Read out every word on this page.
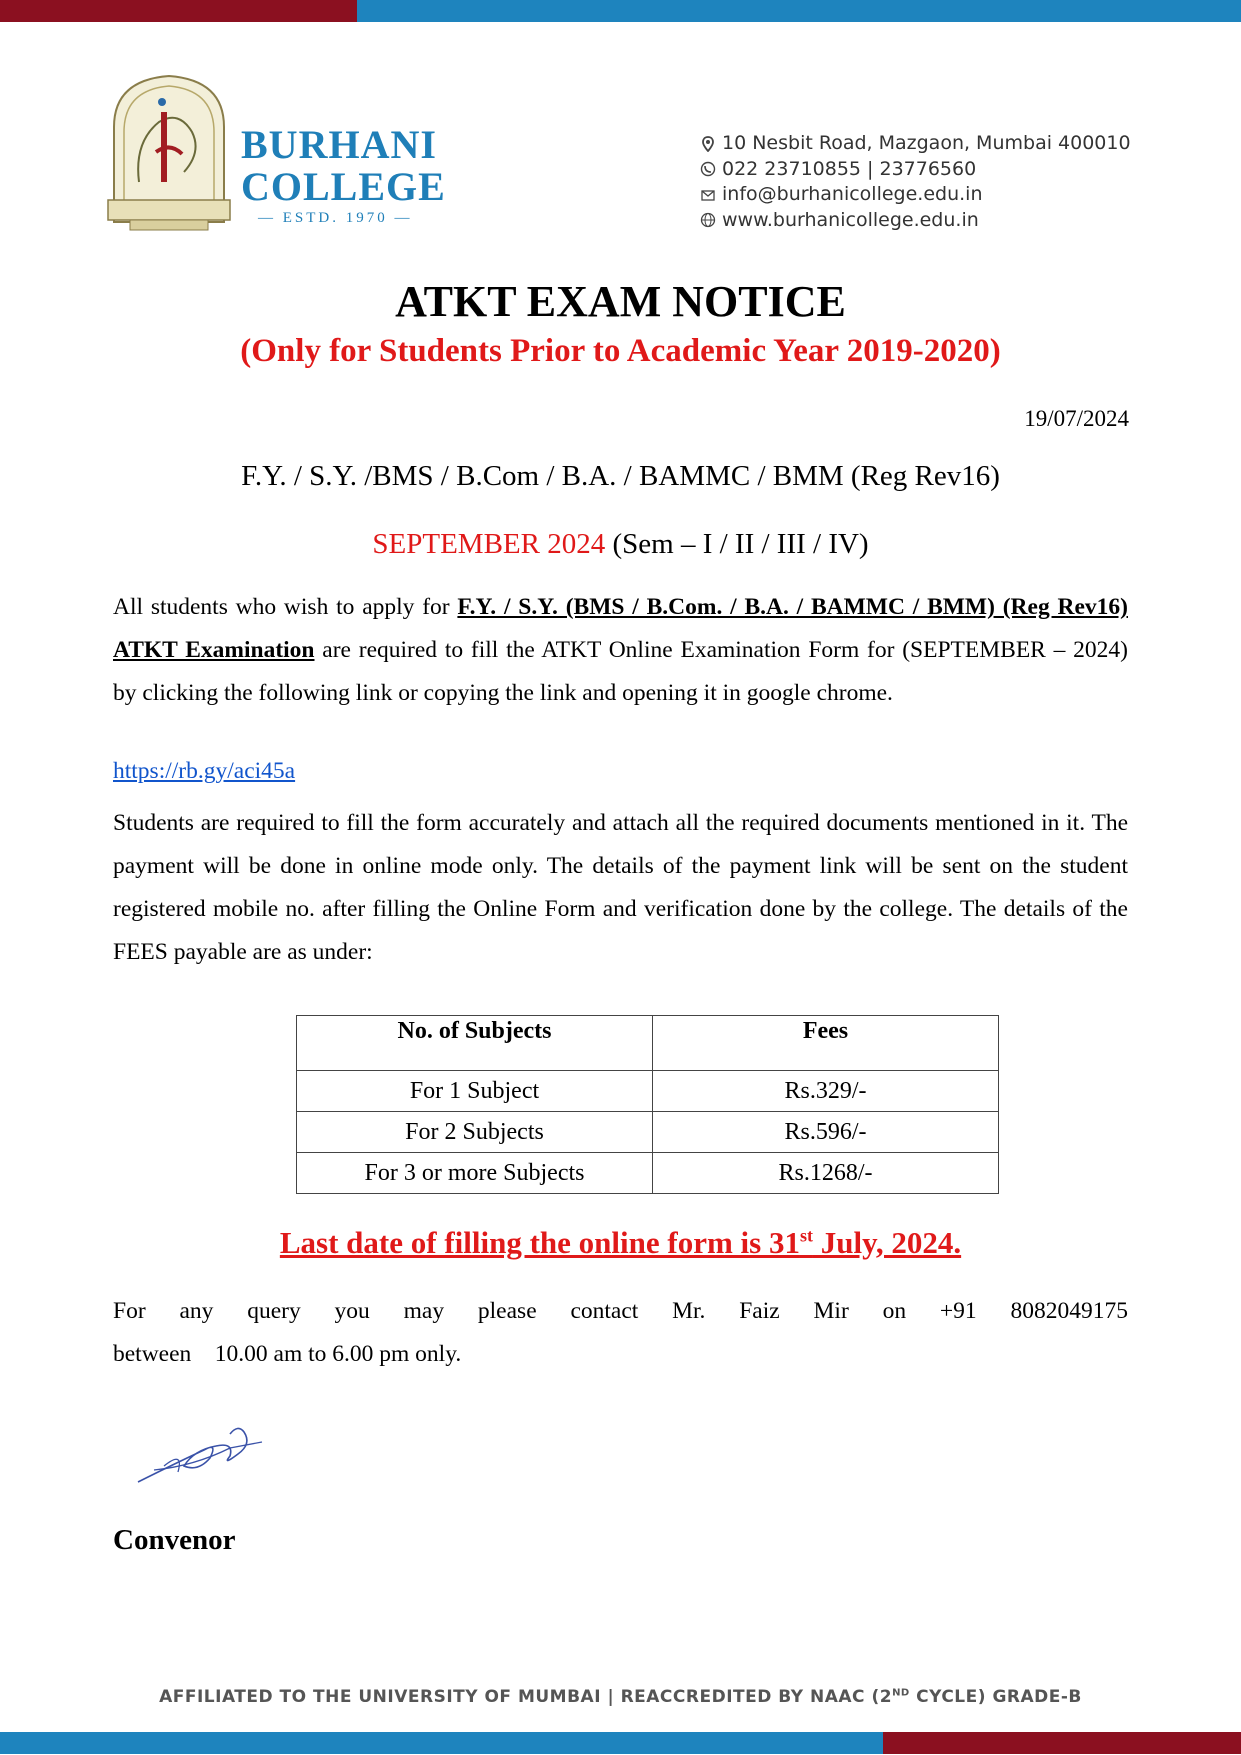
BURHANI
COLLEGE
— ESTD. 1970 —
10 Nesbit Road, Mazgaon, Mumbai 400010
022 23710855 | 23776560
info@burhanicollege.edu.in
www.burhanicollege.edu.in
ATKT EXAM NOTICE
(Only for Students Prior to Academic Year 2019-2020)
19/07/2024
F.Y. / S.Y. /BMS / B.Com / B.A. / BAMMC / BMM (Reg Rev16)
SEPTEMBER 2024 (Sem – I / II / III / IV)
All students who wish to apply for F.Y. / S.Y. (BMS / B.Com. / B.A. / BAMMC / BMM) (Reg Rev16) ATKT Examination are required to fill the ATKT Online Examination Form for (SEPTEMBER – 2024) by clicking the following link or copying the link and opening it in google chrome.
https://rb.gy/aci45a
Students are required to fill the form accurately and attach all the required documents mentioned in it. The payment will be done in online mode only. The details of the payment link will be sent on the student registered mobile no. after filling the Online Form and verification done by the college. The details of the FEES payable are as under:
No. of Subjects	Fees
For 1 Subject	Rs.329/-
For 2 Subjects	Rs.596/-
For 3 or more Subjects	Rs.1268/-
Last date of filling the online form is 31st July, 2024.
For any query you may please contact Mr. Faiz Mir on +91 8082049175
between    10.00 am to 6.00 pm only.
Convenor
AFFILIATED TO THE UNIVERSITY OF MUMBAI | REACCREDITED BY NAAC (2ND CYCLE) GRADE-B
